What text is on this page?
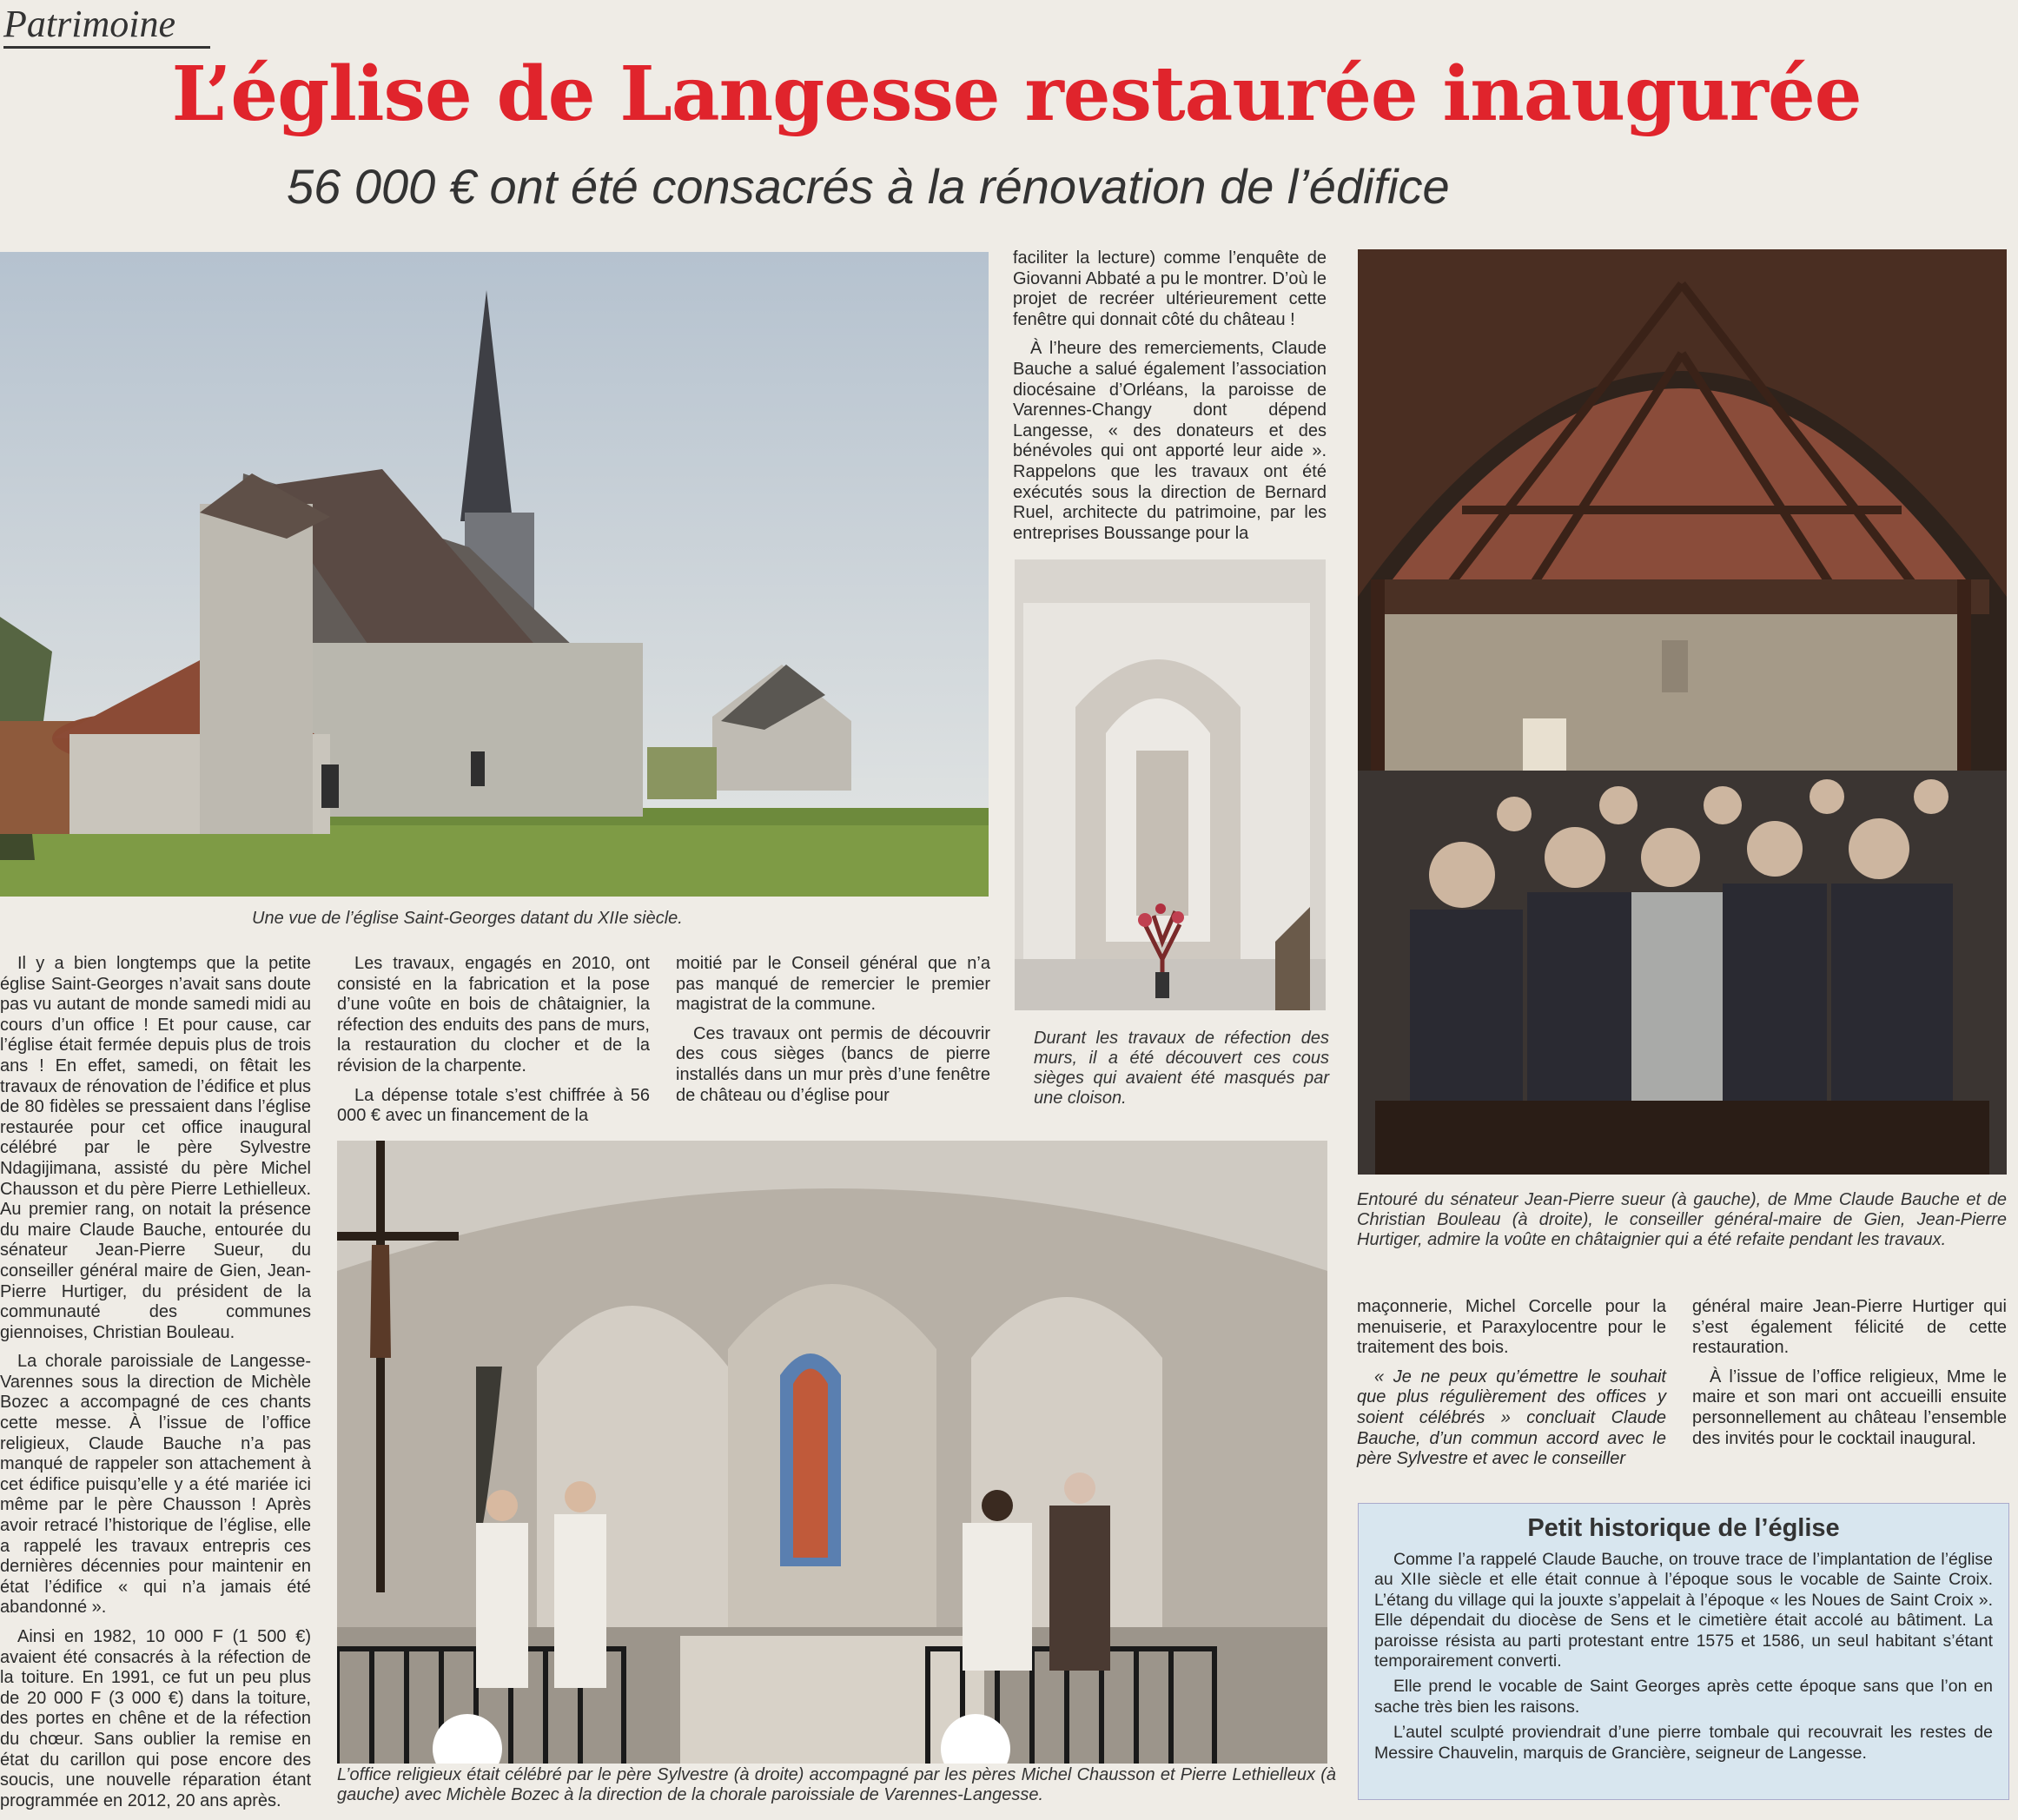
Patrimoine
L’église de Langesse restaurée inaugurée
56 000 € ont été consacrés à la rénovation de l’édifice
Une vue de l’église Saint-Georges datant du XIIe siècle.

faciliter la lecture) comme l’enquête de Giovanni Abbaté a pu le montrer. D’où le projet de recréer ultérieurement cette fenêtre qui donnait côté du château !

À l’heure des remerciements, Claude Bauche a salué également l’association diocésaine d’Orléans, la paroisse de Varennes-Changy dont dépend Langesse, « des donateurs et des bénévoles qui ont apporté leur aide ». Rappelons que les travaux ont été exécutés sous la direction de Bernard Ruel, architecte du patrimoine, par les entreprises Boussange pour la

Durant les travaux de réfection des murs, il a été découvert ces cous sièges qui avaient été masqués par une cloison.
Entouré du sénateur Jean-Pierre sueur (à gauche), de Mme Claude Bauche et de Christian Bouleau (à droite), le conseiller général-maire de Gien, Jean-Pierre Hurtiger, admire la voûte en châtaignier qui a été refaite pendant les travaux.

Il y a bien longtemps que la petite église Saint-Georges n’avait sans doute pas vu autant de monde samedi midi au cours d’un office ! Et pour cause, car l’église était fermée depuis plus de trois ans ! En effet, samedi, on fêtait les travaux de rénovation de l’édifice et plus de 80 fidèles se pressaient dans l’église restaurée pour cet office inaugural célébré par le père Sylvestre Ndagijimana, assisté du père Michel Chausson et du père Pierre Lethielleux. Au premier rang, on notait la présence du maire Claude Bauche, entourée du sénateur Jean-Pierre Sueur, du conseiller général maire de Gien, Jean-Pierre Hurtiger, du président de la communauté des communes giennoises, Christian Bouleau.

La chorale paroissiale de Langesse-Varennes sous la direction de Michèle Bozec a accompagné de ces chants cette messe. À l’issue de l’office religieux, Claude Bauche n’a pas manqué de rappeler son attachement à cet édifice puisqu’elle y a été mariée ici même par le père Chausson ! Après avoir retracé l’historique de l’église, elle a rappelé les travaux entrepris ces dernières décennies pour maintenir en état l’édifice « qui n’a jamais été abandonné ».

Ainsi en 1982, 10 000 F (1 500 €) avaient été consacrés à la réfection de la toiture. En 1991, ce fut un peu plus de 20 000 F (3 000 €) dans la toiture, des portes en chêne et de la réfection du chœur. Sans oublier la remise en état du carillon qui pose encore des soucis, une nouvelle réparation étant programmée en 2012, 20 ans après.

Les travaux, engagés en 2010, ont consisté en la fabrication et la pose d’une voûte en bois de châtaignier, la réfection des enduits des pans de murs, la restauration du clocher et de la révision de la charpente.

La dépense totale s’est chiffrée à 56 000 € avec un financement de la

moitié par le Conseil général que n’a pas manqué de remercier le premier magistrat de la commune.

Ces travaux ont permis de découvrir des cous sièges (bancs de pierre installés dans un mur près d’une fenêtre de château ou d’église pour

L’office religieux était célébré par le père Sylvestre (à droite) accompagné par les pères Michel Chausson et Pierre Lethielleux (à gauche) avec Michèle Bozec à la direction de la chorale paroissiale de Varennes-Langesse.

maçonnerie, Michel Corcelle pour la menuiserie, et Paraxylocentre pour le traitement des bois.

« Je ne peux qu’émettre le souhait que plus régulièrement des offices y soient célébrés » concluait Claude Bauche, d’un commun accord avec le père Sylvestre et avec le conseiller

général maire Jean-Pierre Hurtiger qui s’est également félicité de cette restauration.

À l’issue de l’office religieux, Mme le maire et son mari ont accueilli ensuite personnellement au château l’ensemble des invités pour le cocktail inaugural.

Petit historique de l’église

Comme l’a rappelé Claude Bauche, on trouve trace de l’implantation de l’église au XIIe siècle et elle était connue à l’époque sous le vocable de Sainte Croix. L’étang du village qui la jouxte s’appelait à l’époque « les Noues de Saint Croix ». Elle dépendait du diocèse de Sens et le cimetière était accolé au bâtiment. La paroisse résista au parti protestant entre 1575 et 1586, un seul habitant s’étant temporairement converti.

Elle prend le vocable de Saint Georges après cette époque sans que l’on en sache très bien les raisons.

L’autel sculpté proviendrait d’une pierre tombale qui recouvrait les restes de Messire Chauvelin, marquis de Grancière, seigneur de Langesse.
